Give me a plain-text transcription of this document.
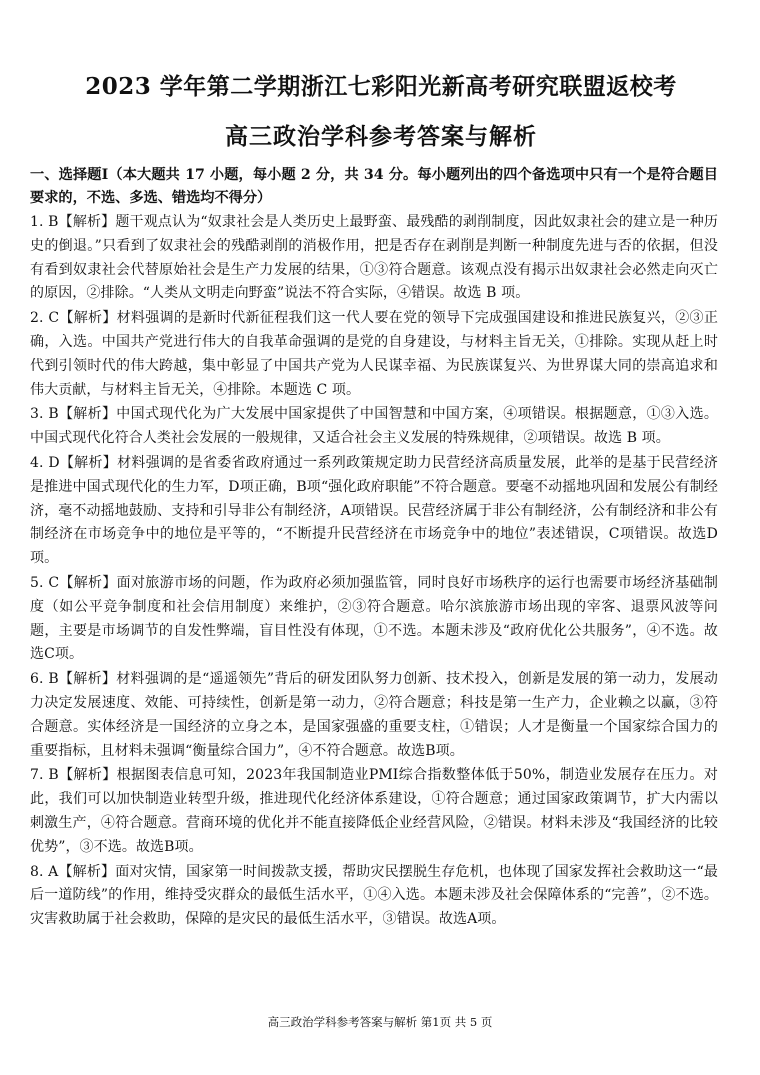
2023 学年第二学期浙江七彩阳光新高考研究联盟返校考
高三政治学科参考答案与解析

一、选择题Ⅰ（本大题共 17 小题，每小题 2 分，共 34 分。每小题列出的四个备选项中只有一个是符合题目要求的，不选、多选、错选均不得分）

1. B【解析】题干观点认为“奴隶社会是人类历史上最野蛮、最残酷的剥削制度，因此奴隶社会的建立是一种历史的倒退。”只看到了奴隶社会的残酷剥削的消极作用，把是否存在剥削是判断一种制度先进与否的依据，但没有看到奴隶社会代替原始社会是生产力发展的结果，①③符合题意。该观点没有揭示出奴隶社会必然走向灭亡的原因，②排除。“人类从文明走向野蛮”说法不符合实际，④错误。故选 B 项。

2. C【解析】材料强调的是新时代新征程我们这一代人要在党的领导下完成强国建设和推进民族复兴，②③正确，入选。中国共产党进行伟大的自我革命强调的是党的自身建设，与材料主旨无关，①排除。实现从赶上时代到引领时代的伟大跨越，集中彰显了中国共产党为人民谋幸福、为民族谋复兴、为世界谋大同的崇高追求和伟大贡献，与材料主旨无关，④排除。本题选 C 项。

3. B【解析】中国式现代化为广大发展中国家提供了中国智慧和中国方案，④项错误。根据题意，①③入选。中国式现代化符合人类社会发展的一般规律，又适合社会主义发展的特殊规律，②项错误。故选 B 项。

4. D【解析】材料强调的是省委省政府通过一系列政策规定助力民营经济高质量发展，此举的是基于民营经济是推进中国式现代化的生力军，D项正确，B项“强化政府职能”不符合题意。要毫不动摇地巩固和发展公有制经济，毫不动摇地鼓励、支持和引导非公有制经济，A项错误。民营经济属于非公有制经济，公有制经济和非公有制经济在市场竞争中的地位是平等的，“不断提升民营经济在市场竞争中的地位”表述错误，C项错误。故选D项。

5. C【解析】面对旅游市场的问题，作为政府必须加强监管，同时良好市场秩序的运行也需要市场经济基础制度（如公平竞争制度和社会信用制度）来维护，②③符合题意。哈尔滨旅游市场出现的宰客、退票风波等问题，主要是市场调节的自发性弊端，盲目性没有体现，①不选。本题未涉及“政府优化公共服务”，④不选。故选C项。

6. B【解析】材料强调的是“遥遥领先”背后的研发团队努力创新、技术投入，创新是发展的第一动力，发展动力决定发展速度、效能、可持续性，创新是第一动力，②符合题意；科技是第一生产力，企业赖之以赢，③符合题意。实体经济是一国经济的立身之本，是国家强盛的重要支柱，①错误；人才是衡量一个国家综合国力的重要指标，且材料未强调“衡量综合国力”，④不符合题意。故选B项。

7. B【解析】根据图表信息可知，2023年我国制造业PMI综合指数整体低于50%，制造业发展存在压力。对此，我们可以加快制造业转型升级，推进现代化经济体系建设，①符合题意；通过国家政策调节，扩大内需以刺激生产，④符合题意。营商环境的优化并不能直接降低企业经营风险，②错误。材料未涉及“我国经济的比较优势”，③不选。故选B项。

8. A【解析】面对灾情，国家第一时间拨款支援，帮助灾民摆脱生存危机，也体现了国家发挥社会救助这一“最后一道防线”的作用，维持受灾群众的最低生活水平，①④入选。本题未涉及社会保障体系的“完善”，②不选。灾害救助属于社会救助，保障的是灾民的最低生活水平，③错误。故选A项。

高三政治学科参考答案与解析 第1页 共 5 页
